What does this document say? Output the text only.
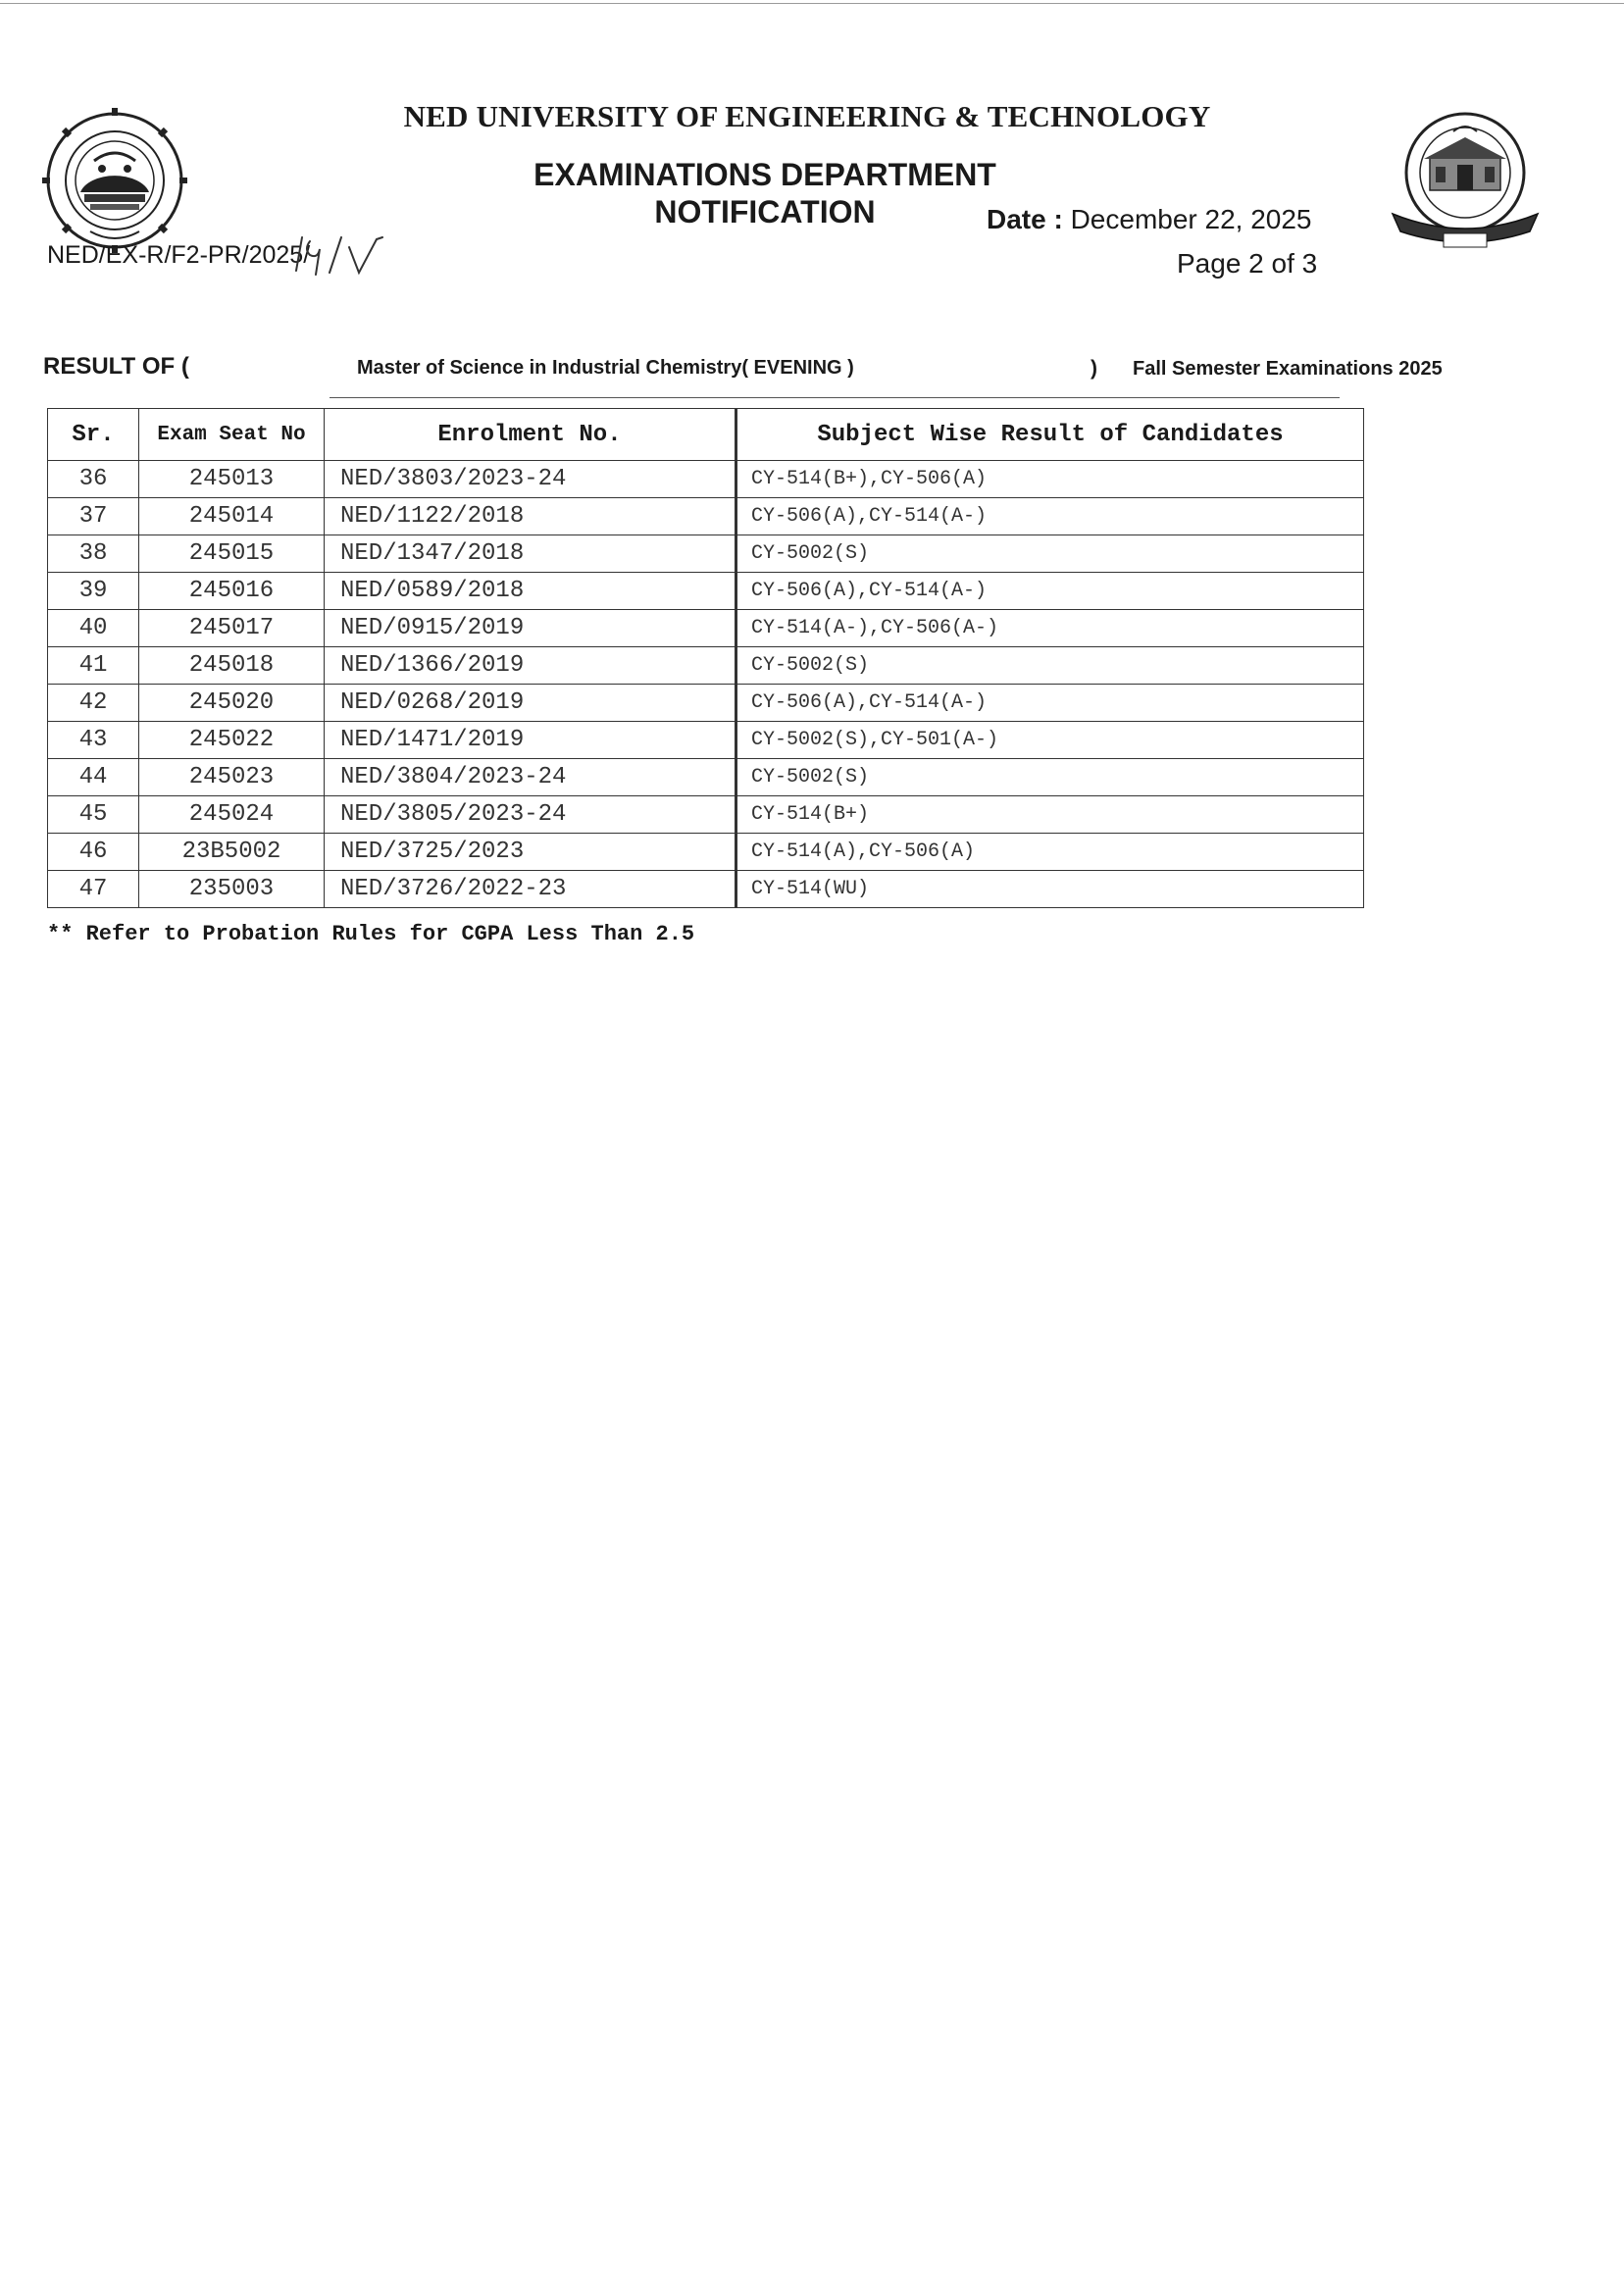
NED UNIVERSITY OF ENGINEERING & TECHNOLOGY
EXAMINATIONS DEPARTMENT
NOTIFICATION	Date : December 22, 2025
Page 2 of 3
NED/EX-R/F2-PR/2025/
RESULT OF (	Master of Science in Industrial Chemistry( EVENING )	) Fall Semester Examinations 2025
Sr.	Exam Seat No	Enrolment No.	Subject Wise Result of Candidates
36	245013	NED/3803/2023-24	CY-514(B+),CY-506(A)
37	245014	NED/1122/2018	CY-506(A),CY-514(A-)
38	245015	NED/1347/2018	CY-5002(S)
39	245016	NED/0589/2018	CY-506(A),CY-514(A-)
40	245017	NED/0915/2019	CY-514(A-),CY-506(A-)
41	245018	NED/1366/2019	CY-5002(S)
42	245020	NED/0268/2019	CY-506(A),CY-514(A-)
43	245022	NED/1471/2019	CY-5002(S),CY-501(A-)
44	245023	NED/3804/2023-24	CY-5002(S)
45	245024	NED/3805/2023-24	CY-514(B+)
46	23B5002	NED/3725/2023	CY-514(A),CY-506(A)
47	235003	NED/3726/2022-23	CY-514(WU)
** Refer to Probation Rules for CGPA Less Than 2.5
